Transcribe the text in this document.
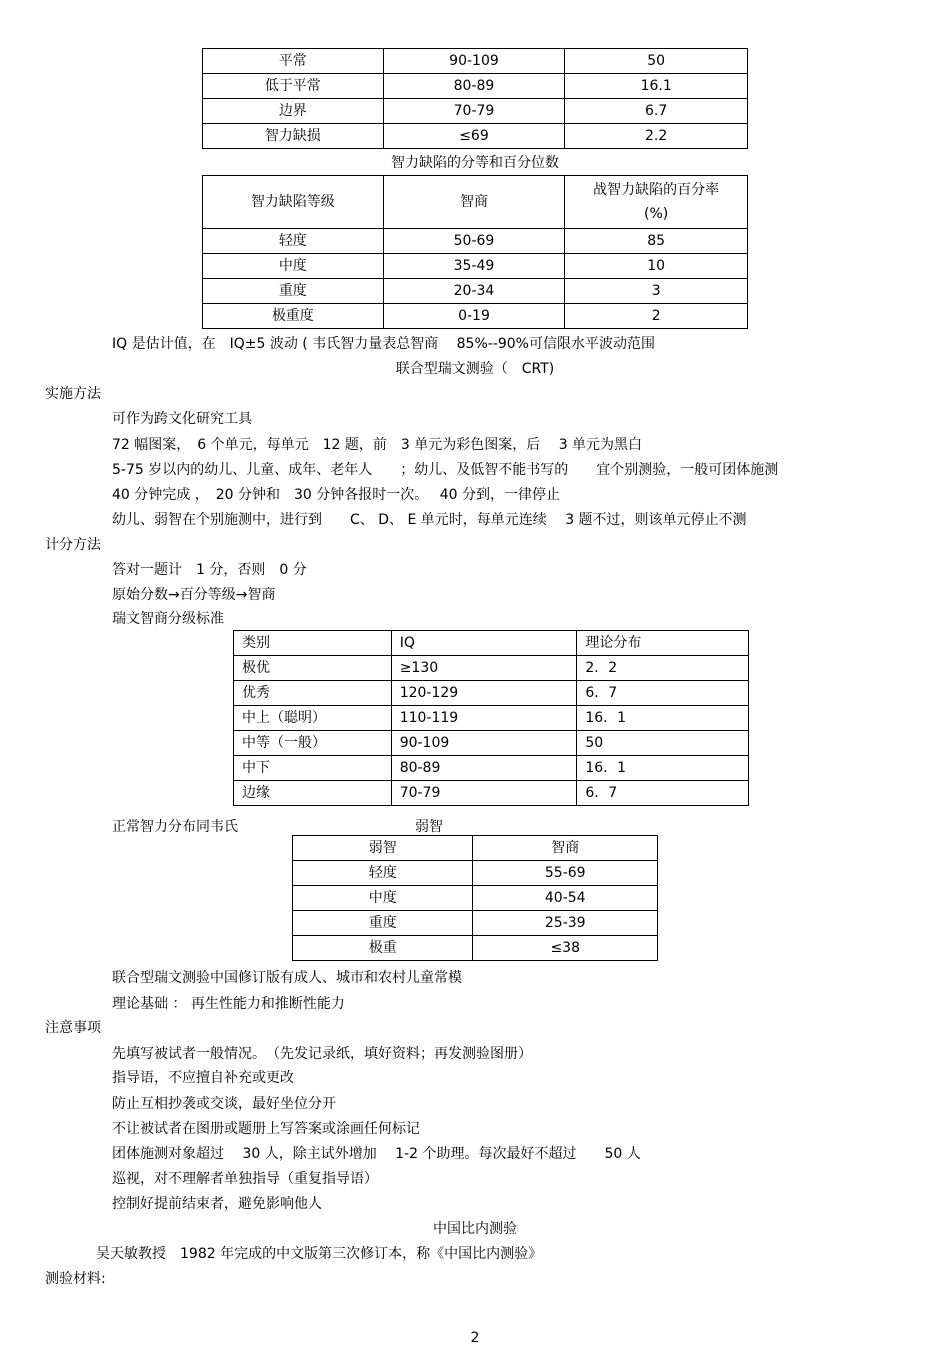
平常	90-109	50
低于平常	80-89	16.1
边界	70-79	6.7
智力缺损	≤69	2.2
智力缺陷的分等和百分位数
智力缺陷等级	智商	战智力缺陷的百分率
(%)

轻度	50-69	85
中度	35-49	10
重度	20-34	3
极重度	0-19	2
IQ 是估计值，在　IQ±5 波动 ( 韦氏智力量表总智商　 85%--90%可信限水平波动范围
联合型瑞文测验（　CRT)
实施方法
可作为跨文化研究工具
72 幅图案，　6 个单元，每单元　12 题，前　3 单元为彩色图案，后　 3 单元为黑白
5-75 岁以内的幼儿、儿童、成年、老年人　　；幼儿、及低智不能书写的　　宜个别测验，一般可团体施测
40 分钟完成 ，　20 分钟和　30 分钟各报时一次。　 40 分到，一律停止
幼儿、弱智在个别施测中，进行到　　C、 D、 E 单元时，每单元连续　 3 题不过，则该单元停止不测
计分方法
答对一题计　1 分，否则　0 分
原始分数→百分等级→智商
瑞文智商分级标准
类别	IQ	理论分布
极优	≥130	2．2
优秀	120-129	6．7
中上（聪明）	110-119	16．1
中等（一般）	90-109	50
中下	80-89	16．1
边缘	70-79	6．7
正常智力分布同韦氏	弱智
弱智	智商
轻度	55-69
中度	40-54
重度	25-39
极重	≤38
联合型瑞文测验中国修订版有成人、城市和农村儿童常模
理论基础 ： 再生性能力和推断性能力
注意事项
先填写被试者一般情况。　（先发记录纸，填好资料；再发测验图册）
指导语，不应擅自补充或更改
防止互相抄袭或交谈，最好坐位分开
不让被试者在图册或题册上写答案或涂画任何标记
团体施测对象超过　 30 人，除主试外增加　 1-2 个助理。每次最好不超过　　50 人
巡视，对不理解者单独指导（重复指导语）
控制好提前结束者，避免影响他人
中国比内测验
吴天敏教授　1982 年完成的中文版第三次修订本，称《中国比内测验》
测验材料:
2
